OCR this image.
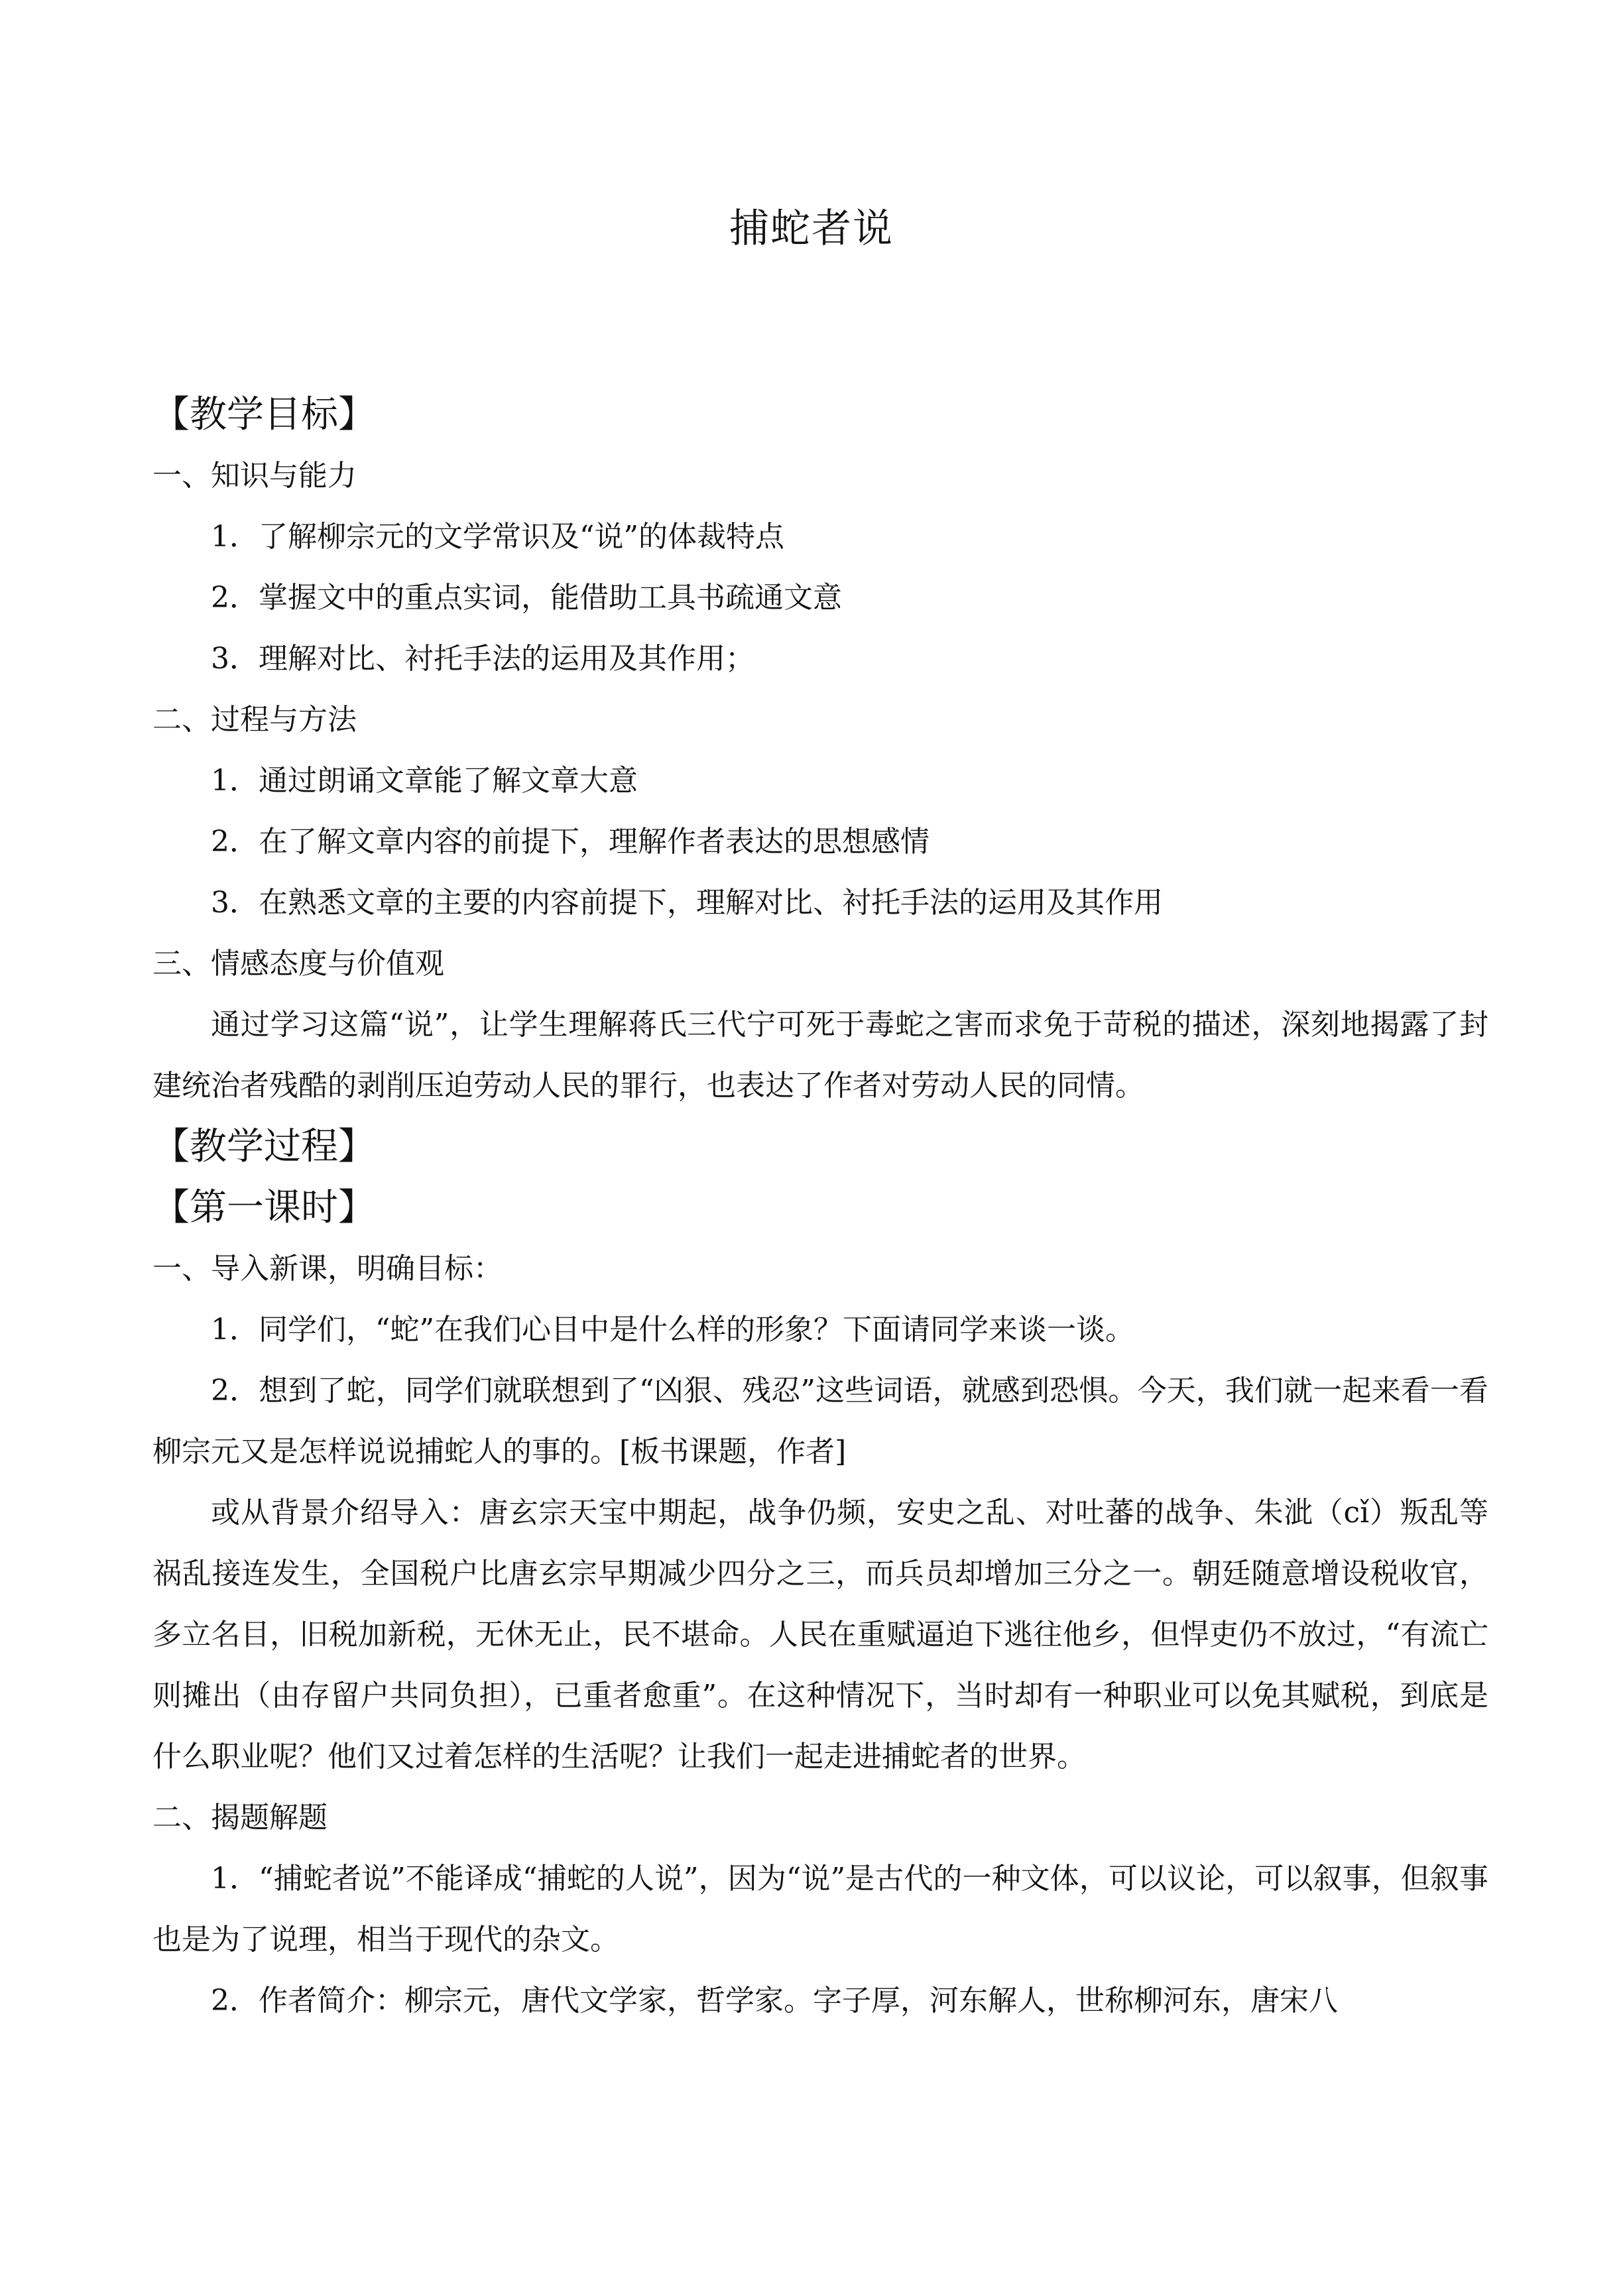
捕蛇者说
【教学目标】
一、知识与能力
1．了解柳宗元的文学常识及“说”的体裁特点
2．掌握文中的重点实词，能借助工具书疏通文意
3．理解对比、衬托手法的运用及其作用；
二、过程与方法
1．通过朗诵文章能了解文章大意
2．在了解文章内容的前提下，理解作者表达的思想感情
3．在熟悉文章的主要的内容前提下，理解对比、衬托手法的运用及其作用
三、情感态度与价值观

通过学习这篇“说”，让学生理解蒋氏三代宁可死于毒蛇之害而求免于苛税的描述，深刻地揭露了封建统治者残酷的剥削压迫劳动人民的罪行，也表达了作者对劳动人民的同情。

【教学过程】
【第一课时】
一、导入新课，明确目标：
1．同学们，“蛇”在我们心目中是什么样的形象？下面请同学来谈一谈。

2．想到了蛇，同学们就联想到了“凶狠、残忍”这些词语，就感到恐惧。今天，我们就一起来看一看柳宗元又是怎样说说捕蛇人的事的。[板书课题，作者]

或从背景介绍导入：唐玄宗天宝中期起，战争仍频，安史之乱、对吐蕃的战争、朱泚（cǐ）叛乱等祸乱接连发生，全国税户比唐玄宗早期减少四分之三，而兵员却增加三分之一。朝廷随意增设税收官，多立名目，旧税加新税，无休无止，民不堪命。人民在重赋逼迫下逃往他乡，但悍吏仍不放过，“有流亡则摊出（由存留户共同负担），已重者愈重”。在这种情况下，当时却有一种职业可以免其赋税，到底是什么职业呢？他们又过着怎样的生活呢？让我们一起走进捕蛇者的世界。

二、揭题解题

1．“捕蛇者说”不能译成“捕蛇的人说”，因为“说”是古代的一种文体，可以议论，可以叙事，但叙事也是为了说理，相当于现代的杂文。

2．作者简介：柳宗元，唐代文学家，哲学家。字子厚，河东解人，世称柳河东，唐宋八
